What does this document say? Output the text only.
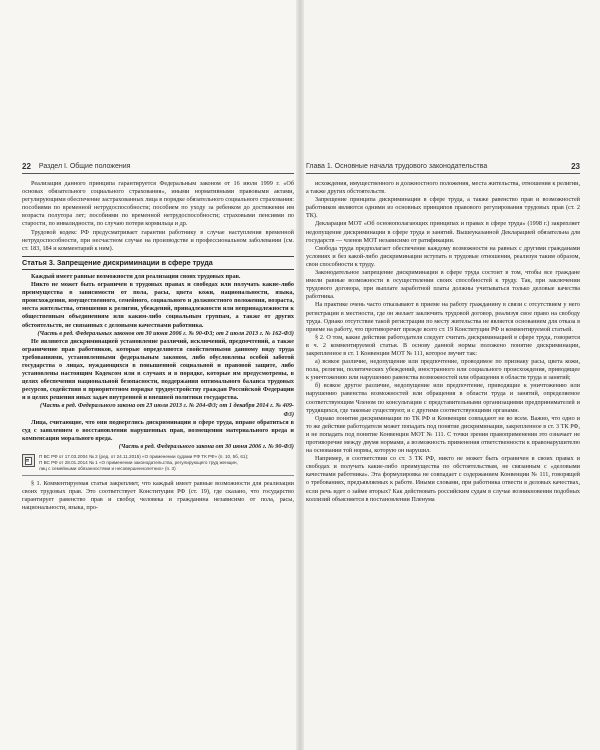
22 Раздел I. Общие положения

Реализация данного принципа гарантируется Федеральным законом от 16 июля 1999 г. «Об основах обязательного социального страхования», иными нормативными правовыми актами, регулирующими обеспечение застрахованных лица в порядке обязательного социального страхования: пособиями по временной нетрудоспособности; пособием по уходу за ребенком до достижения им возраста полутора лет; пособиями по временной нетрудоспособности; страховыми пенсиями по старости, по инвалидности, по случаю потери кормильца и др.

Трудовой кодекс РФ предусматривает гарантии работнику в случае наступления временной нетрудоспособности, при несчастном случае на производстве и профессиональном заболевании (см. ст. 183, 184 и комментарий к ним).

Статья 3. Запрещение дискриминации в сфере труда

Каждый имеет равные возможности для реализации своих трудовых прав.

Никто не может быть ограничен в трудовых правах и свободах или получать какие-либо преимущества в зависимости от пола, расы, цвета кожи, национальности, языка, происхождения, имущественного, семейного, социального и должностного положения, возраста, места жительства, отношения к религии, убеждений, принадлежности или непринадлежности к общественным объединениям или каким-либо социальным группам, а также от других обстоятельств, не связанных с деловыми качествами работника.

(Часть в ред. Федеральных законов от 30 июня 2006 г. № 90-ФЗ; от 2 июля 2013 г. № 162-ФЗ)

Не являются дискриминацией установление различий, исключений, предпочтений, а также ограничение прав работников, которые определяются свойственными данному виду труда требованиями, установленными федеральным законом, либо обусловлены особой заботой государства о лицах, нуждающихся в повышенной социальной и правовой защите, либо установлены настоящим Кодексом или в случаях и в порядке, которые им предусмотрены, в целях обеспечения национальной безопасности, поддержания оптимального баланса трудовых ресурсов, содействия в приоритетном порядке трудоустройству граждан Российской Федерации и в целях решения иных задач внутренней и внешней политики государства.

(Часть в ред. Федерального закона от 23 июля 2013 г. № 204-ФЗ; от 1 декабря 2014 г. № 409-ФЗ)

Лица, считающие, что они подверглись дискриминации в сфере труда, вправе обратиться в суд с заявлением о восстановлении нарушенных прав, возмещении материального вреда и компенсации морального вреда.

(Часть в ред. Федерального закона от 30 июня 2006 г. № 90-ФЗ)

П ВС РФ от 17.03.2004 № 2 (ред. от 24.11.2015) «О применении судами РФ ТК РФ» (п. 10, 5б, 61);
П ВС РФ от 28.01.2014 № 1 «О применении законодательства, регулирующего труд женщин,
лиц с семейными обязанностями и несовершеннолетних» (п. 3)

§ 1. Комментируемая статья закрепляет, что каждый имеет равные возможности для реализации своих трудовых прав. Это соответствует Конституции РФ (ст. 19), где сказано, что государство гарантирует равенство прав и свобод человека и гражданина независимо от пола, расы, национальности, языка, про-

Глава 1. Основные начала трудового законодательства	23

исхождения, имущественного и должностного положения, места жительства, отношения к религии, а также других обстоятельств.

Запрещение принципа дискриминации в сфере труда, а также равенство прав и возможностей работников являются одними из основных принципов правового регулирования трудовых прав (ст. 2 ТК).

Декларация МОТ «Об основополагающих принципах и правах в сфере труда» (1998 г.) закрепляет недопущение дискриминации в сфере труда и занятий. Вышеуказанной Декларацией обязательна для государств — членов МОТ независимо от ратификации.

Свобода труда предполагает обеспечение каждому возможности на равных с другими гражданами условиях и без какой-либо дискриминации вступать в трудовые отношения, реализуя таким образом, свои способности к труду.

Законодательное запрещение дискриминации в сфере труда состоит в том, чтобы все граждане имели равные возможности в осуществлении своих способностей к труду. Так, при заключении трудового договора, при выплате заработной платы должны учитываться только деловые качества работника.

На практике очень часто отказывают в приеме на работу гражданину в связи с отсутствием у него регистрации в местности, где он желает заключить трудовой договор, реализуя свое право на свободу труда. Однако отсутствие такой регистрации по месту жительства не является основанием для отказа в приеме на работу, что противоречит прежде всего ст. 19 Конституции РФ и комментируемой статьей.

§ 2. О том, какие действия работодателя следует считать дискриминацией в сфере труда, говорится в ч. 2 комментируемой статьи. В основу данной нормы положено понятие дискриминации, закрепленное в ст. 1 Конвенции МОТ № 111, которое звучит так:

а) всякое различие, недопущение или предпочтение, проводимое по признаку расы, цвета кожи, пола, религии, политических убеждений, иностранного или социального происхождения, приводящее к уничтожению или нарушению равенства возможностей или обращения в области труда и занятий;

б) всякое другое различие, недопущение или предпочтение, приводящие к уничтожению или нарушению равенства возможностей или обращения в области труда и занятий, определяемое соответствующим Членом по консультации с представительными организациями предпринимателей и трудящихся, где таковые существуют, и с другими соответствующими органами.

Однако понятия дискриминации по ТК РФ и Конвенции совпадают не во всем. Важно, что одно и то же действие работодателя может попадать под понятие дискриминации, закрепленное в ст. 3 ТК РФ, и не попадать под понятие Конвенции МОТ № 111. С точки зрения правоприменения это означает не противоречие между двумя нормами, а возможность применения ответственности к правонарушителю на основании той нормы, которую он нарушил.

Например, в соответствии со ст. 3 ТК РФ, никто не может быть ограничен в своих правах и свободах и получать какие-либо преимущества по обстоятельствам, не связанным с «деловыми качествами работника». Эта формулировка не совпадает с содержанием Конвенции № 111, говорящей о требованиях, предъявляемых к работе. Иными словами, при работника отвести в деловых качествах, если речь идет о займе вторых? Как действовать российским судам в случае возникновения подобных коллизий объясняется в постановлении Пленума
